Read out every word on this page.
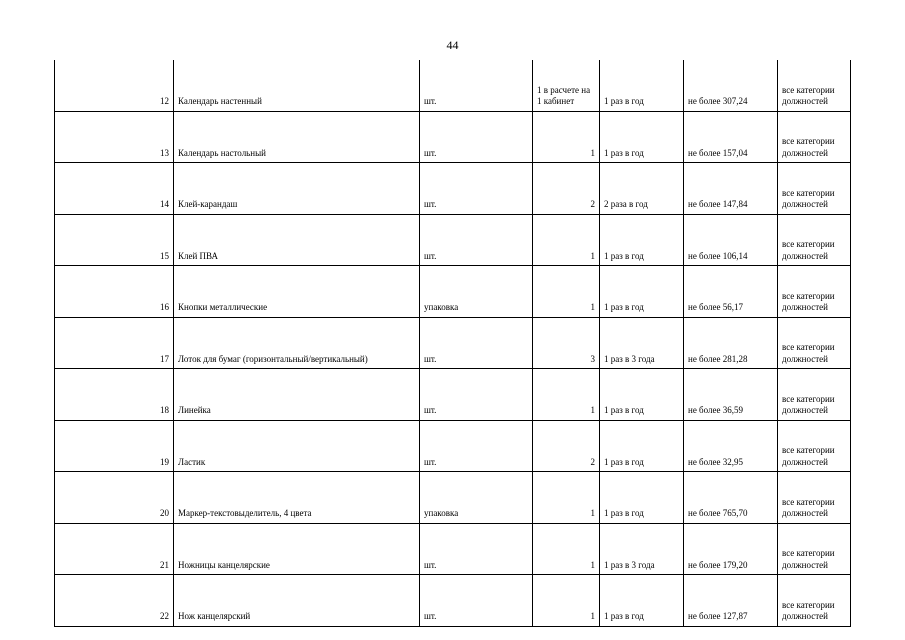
44
12	Календарь настенный	шт.	1 в расчете на 1 кабинет	1 раз в год	не более 307,24	все категории должностей
13	Календарь настольный	шт.	1	1 раз в год	не более 157,04	все категории должностей
14	Клей-карандаш	шт.	2	2 раза в год	не более 147,84	все категории должностей
15	Клей ПВА	шт.	1	1 раз в год	не более 106,14	все категории должностей
16	Кнопки металлические	упаковка	1	1 раз в год	не более 56,17	все категории должностей
17	Лоток для бумаг (горизонтальный/вертикальный)	шт.	3	1 раз в 3 года	не более 281,28	все категории должностей
18	Линейка	шт.	1	1 раз в год	не более 36,59	все категории должностей
19	Ластик	шт.	2	1 раз в год	не более 32,95	все категории должностей
20	Маркер-текстовыделитель, 4 цвета	упаковка	1	1 раз в год	не более 765,70	все категории должностей
21	Ножницы канцелярские	шт.	1	1 раз в 3 года	не более 179,20	все категории должностей
22	Нож канцелярский	шт.	1	1 раз в год	не более 127,87	все категории должностей
